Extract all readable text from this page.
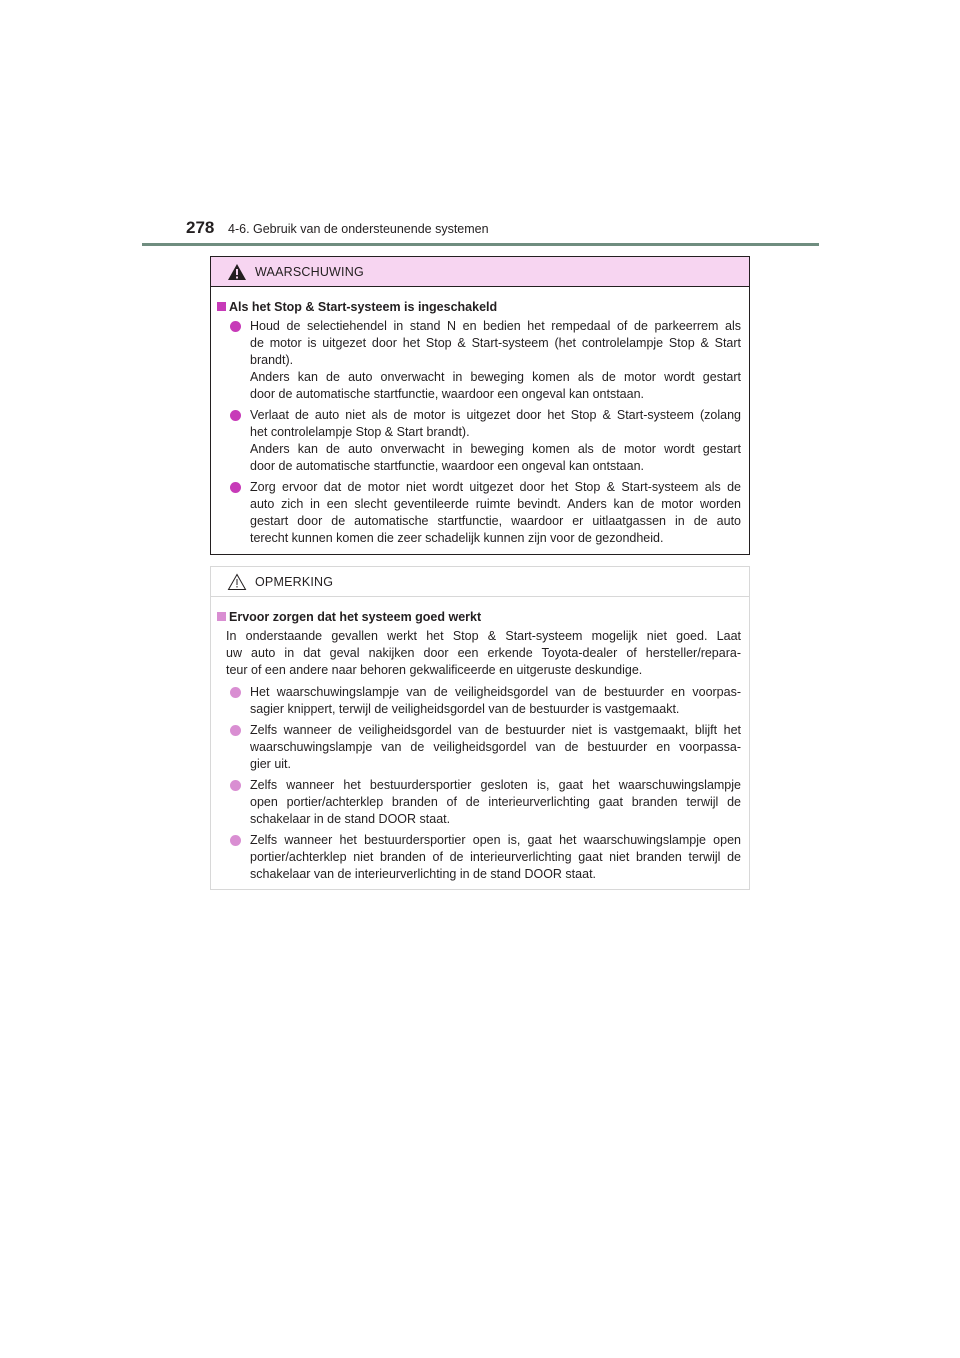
278 4-6. Gebruik van de ondersteunende systemen
WAARSCHUWING
Als het Stop & Start-systeem is ingeschakeld
Houd de selectiehendel in stand N en bedien het rempedaal of de parkeerrem als
de motor is uitgezet door het Stop & Start-systeem (het controlelampje Stop & Start
brandt).
Anders kan de auto onverwacht in beweging komen als de motor wordt gestart
door de automatische startfunctie, waardoor een ongeval kan ontstaan.
Verlaat de auto niet als de motor is uitgezet door het Stop & Start-systeem (zolang
het controlelampje Stop & Start brandt).
Anders kan de auto onverwacht in beweging komen als de motor wordt gestart
door de automatische startfunctie, waardoor een ongeval kan ontstaan.
Zorg ervoor dat de motor niet wordt uitgezet door het Stop & Start-systeem als de
auto zich in een slecht geventileerde ruimte bevindt. Anders kan de motor worden
gestart door de automatische startfunctie, waardoor er uitlaatgassen in de auto
terecht kunnen komen die zeer schadelijk kunnen zijn voor de gezondheid.
OPMERKING
Ervoor zorgen dat het systeem goed werkt
In onderstaande gevallen werkt het Stop & Start-systeem mogelijk niet goed. Laat
uw auto in dat geval nakijken door een erkende Toyota-dealer of hersteller/repara-
teur of een andere naar behoren gekwalificeerde en uitgeruste deskundige.
Het waarschuwingslampje van de veiligheidsgordel van de bestuurder en voorpas-
sagier knippert, terwijl de veiligheidsgordel van de bestuurder is vastgemaakt.
Zelfs wanneer de veiligheidsgordel van de bestuurder niet is vastgemaakt, blijft het
waarschuwingslampje van de veiligheidsgordel van de bestuurder en voorpassa-
gier uit.
Zelfs wanneer het bestuurdersportier gesloten is, gaat het waarschuwingslampje
open portier/achterklep branden of de interieurverlichting gaat branden terwijl de
schakelaar in de stand DOOR staat.
Zelfs wanneer het bestuurdersportier open is, gaat het waarschuwingslampje open
portier/achterklep niet branden of de interieurverlichting gaat niet branden terwijl de
schakelaar van de interieurverlichting in de stand DOOR staat.
